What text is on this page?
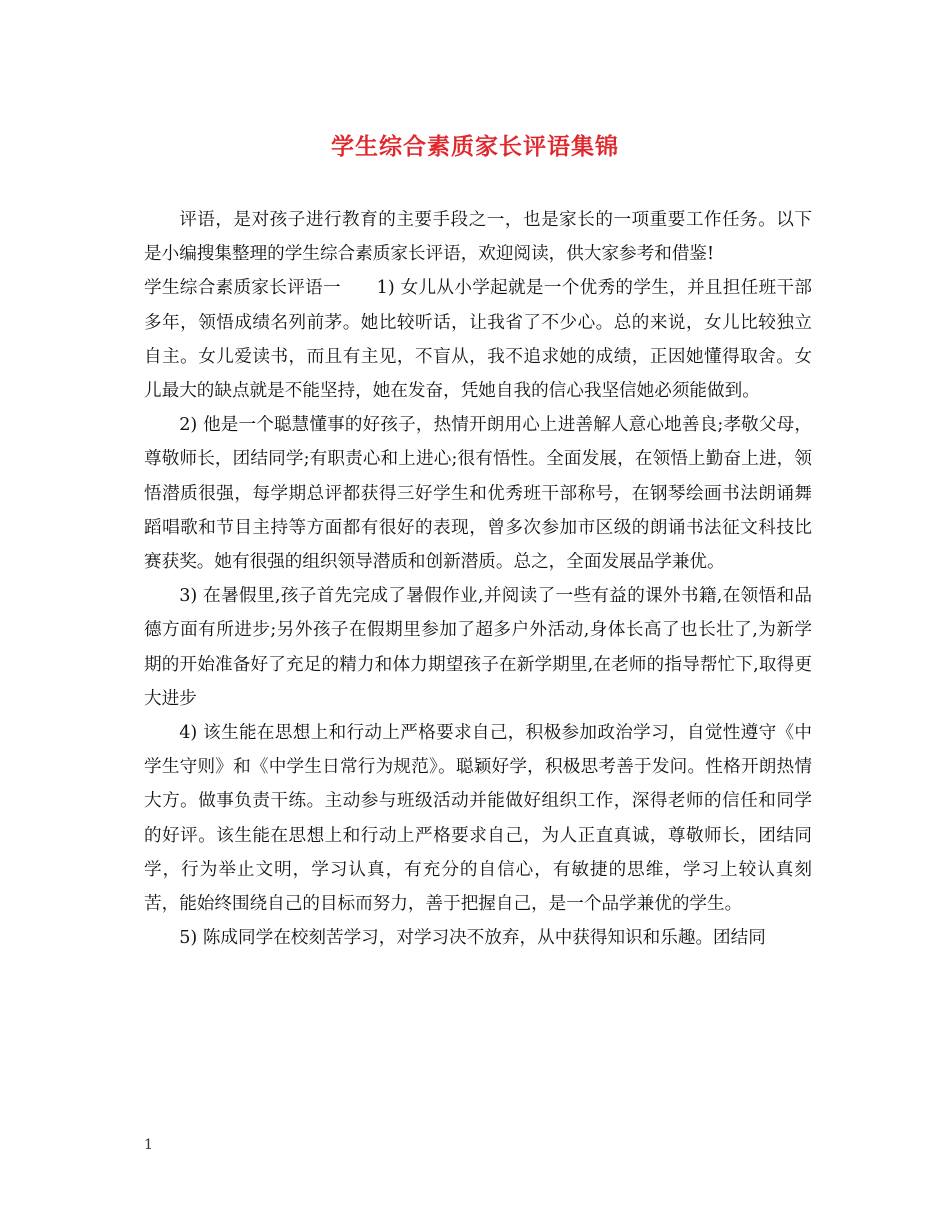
学生综合素质家长评语集锦

评语，是对孩子进行教育的主要手段之一，也是家长的一项重要工作任务。以下是小编搜集整理的学生综合素质家长评语，欢迎阅读，供大家参考和借鉴!

学生综合素质家长评语一　　1) 女儿从小学起就是一个优秀的学生，并且担任班干部多年，领悟成绩名列前茅。她比较听话，让我省了不少心。总的来说，女儿比较独立自主。女儿爱读书，而且有主见，不盲从，我不追求她的成绩，正因她懂得取舍。女儿最大的缺点就是不能坚持，她在发奋，凭她自我的信心我坚信她必须能做到。

2) 他是一个聪慧懂事的好孩子，热情开朗用心上进善解人意心地善良;孝敬父母，尊敬师长，团结同学;有职责心和上进心;很有悟性。全面发展，在领悟上勤奋上进，领悟潜质很强，每学期总评都获得三好学生和优秀班干部称号，在钢琴绘画书法朗诵舞蹈唱歌和节目主持等方面都有很好的表现，曾多次参加市区级的朗诵书法征文科技比赛获奖。她有很强的组织领导潜质和创新潜质。总之，全面发展品学兼优。

3) 在暑假里,孩子首先完成了暑假作业,并阅读了一些有益的课外书籍,在领悟和品德方面有所进步;另外孩子在假期里参加了超多户外活动,身体长高了也长壮了,为新学期的开始准备好了充足的精力和体力期望孩子在新学期里,在老师的指导帮忙下,取得更大进步

4) 该生能在思想上和行动上严格要求自己，积极参加政治学习，自觉性遵守《中学生守则》和《中学生日常行为规范》。聪颖好学，积极思考善于发问。性格开朗热情大方。做事负责干练。主动参与班级活动并能做好组织工作，深得老师的信任和同学的好评。该生能在思想上和行动上严格要求自己，为人正直真诚，尊敬师长，团结同学，行为举止文明，学习认真，有充分的自信心，有敏捷的思维，学习上较认真刻苦，能始终围绕自己的目标而努力，善于把握自己，是一个品学兼优的学生。

5) 陈成同学在校刻苦学习，对学习决不放弃，从中获得知识和乐趣。团结同

1
